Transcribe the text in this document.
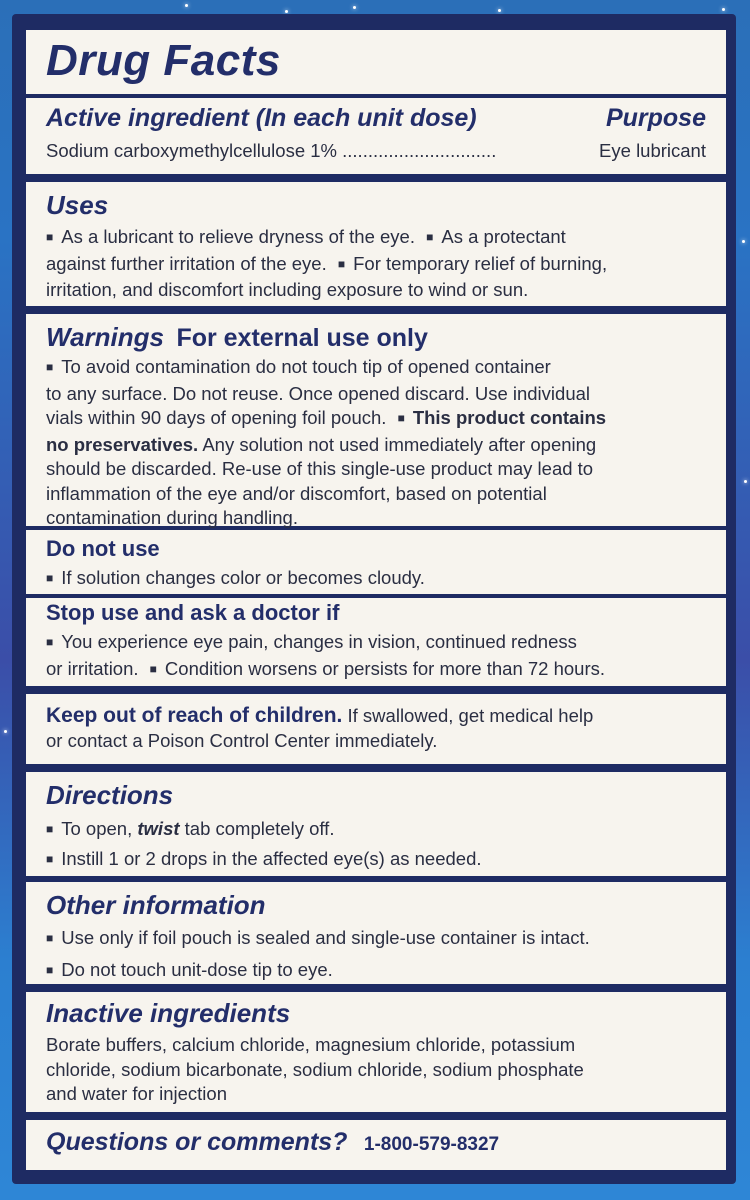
Drug Facts
Active ingredient (In each unit dose)	Purpose
Sodium carboxymethylcellulose 1% ..............................	Eye lubricant
Uses
■ As a lubricant to relieve dryness of the eye. ■ As a protectant
against further irritation of the eye. ■ For temporary relief of burning,
irritation, and discomfort including exposure to wind or sun.
Warnings For external use only
■ To avoid contamination do not touch tip of opened container
to any surface. Do not reuse. Once opened discard. Use individual
vials within 90 days of opening foil pouch. ■ This product contains
no preservatives. Any solution not used immediately after opening
should be discarded. Re-use of this single-use product may lead to
inflammation of the eye and/or discomfort, based on potential
contamination during handling.
Do not use
■ If solution changes color or becomes cloudy.
Stop use and ask a doctor if
■ You experience eye pain, changes in vision, continued redness
or irritation. ■ Condition worsens or persists for more than 72 hours.
Keep out of reach of children. If swallowed, get medical help
or contact a Poison Control Center immediately.
Directions
■ To open, twist tab completely off.
■ Instill 1 or 2 drops in the affected eye(s) as needed.
Other information
■ Use only if foil pouch is sealed and single-use container is intact.
■ Do not touch unit-dose tip to eye.
Inactive ingredients
Borate buffers, calcium chloride, magnesium chloride, potassium
chloride, sodium bicarbonate, sodium chloride, sodium phosphate
and water for injection
Questions or comments? 1-800-579-8327
